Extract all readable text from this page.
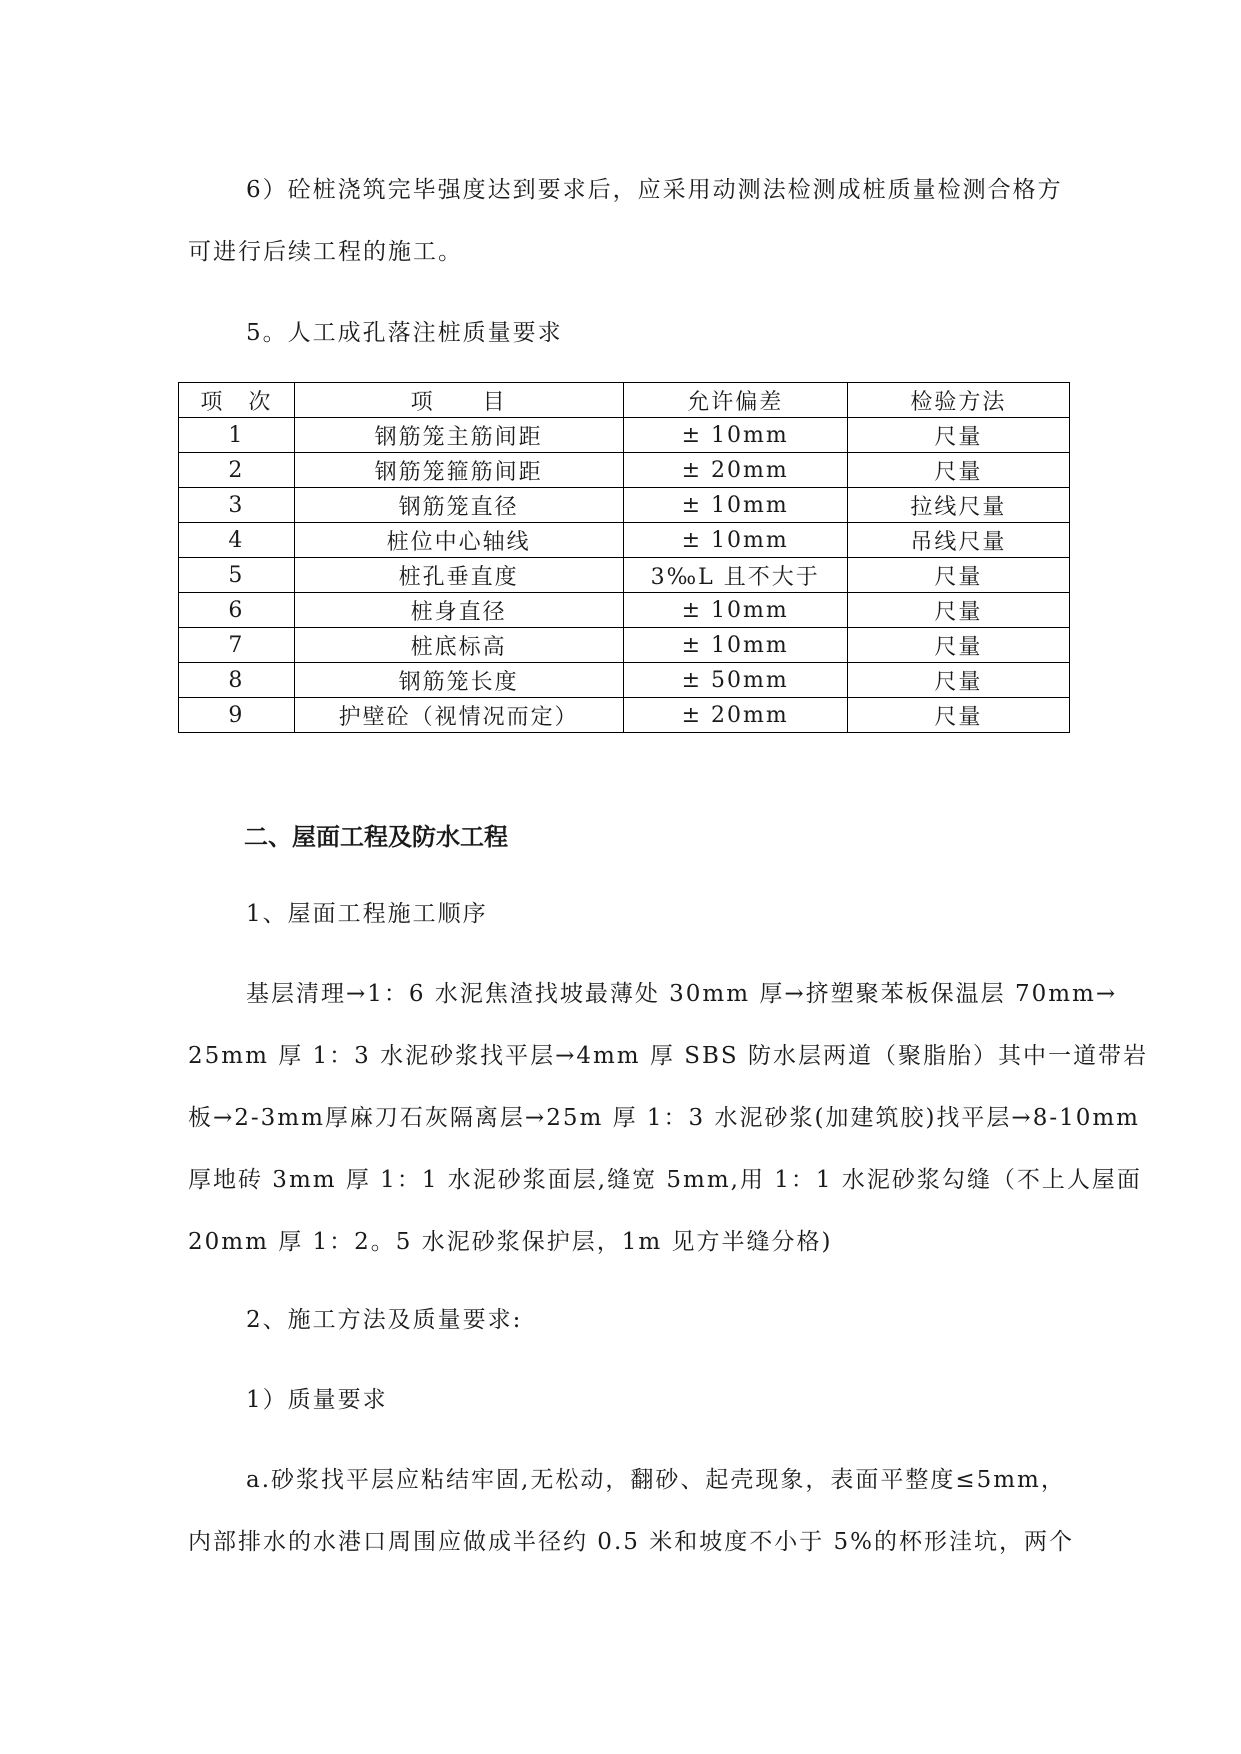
6）砼桩浇筑完毕强度达到要求后，应采用动测法检测成桩质量检测合格方
可进行后续工程的施工。
5。人工成孔落注桩质量要求
项　次	项　　目	允许偏差	检验方法
1	钢筋笼主筋间距	± 10mm	尺量
2	钢筋笼箍筋间距	± 20mm	尺量
3	钢筋笼直径	± 10mm	拉线尺量
4	桩位中心轴线	± 10mm	吊线尺量
5	桩孔垂直度	3‰L 且不大于	尺量
6	桩身直径	± 10mm	尺量
7	桩底标高	± 10mm	尺量
8	钢筋笼长度	± 50mm	尺量
9	护壁砼（视情况而定）	± 20mm	尺量
二、屋面工程及防水工程
1、屋面工程施工顺序
基层清理→1：6 水泥焦渣找坡最薄处 30mm 厚→挤塑聚苯板保温层 70mm→
25mm 厚 1：3 水泥砂浆找平层→4mm 厚 SBS 防水层两道（聚脂胎）其中一道带岩
板→2-3mm厚麻刀石灰隔离层→25m 厚 1：3 水泥砂浆(加建筑胶)找平层→8-10mm
厚地砖 3mm 厚 1：1 水泥砂浆面层,缝宽 5mm,用 1：1 水泥砂浆勾缝（不上人屋面
20mm 厚 1：2。5 水泥砂浆保护层，1m 见方半缝分格)
2、施工方法及质量要求:
1）质量要求
a.砂浆找平层应粘结牢固,无松动，翻砂、起壳现象，表面平整度≤5mm，
内部排水的水港口周围应做成半径约 0.5 米和坡度不小于 5%的杯形洼坑，两个
